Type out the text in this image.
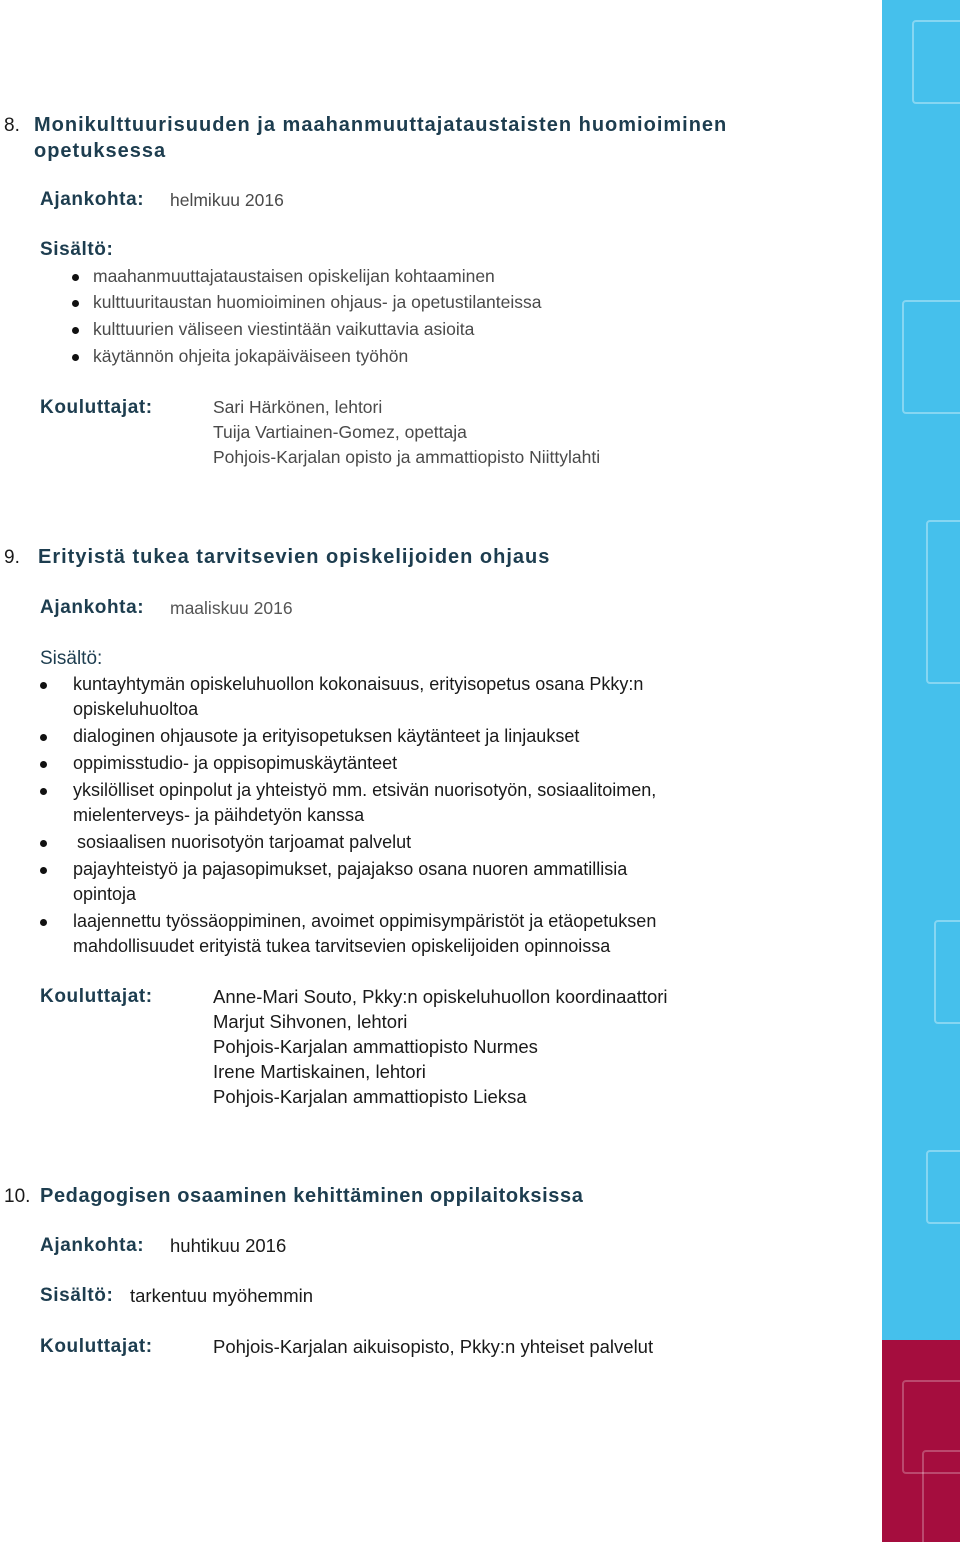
8. Monikulttuurisuuden ja maahanmuuttajataustaisten huomioiminen
opetuksessa
Ajankohta: helmikuu 2016
Sisältö:
maahanmuuttajataustaisen opiskelijan kohtaaminen
kulttuuritaustan huomioiminen ohjaus- ja opetustilanteissa
kulttuurien väliseen viestintään vaikuttavia asioita
käytännön ohjeita jokapäiväiseen työhön
Kouluttajat:	Sari Härkönen, lehtori
Tuija Vartiainen-Gomez, opettaja
Pohjois-Karjalan opisto ja ammattiopisto Niittylahti
9. Erityistä tukea tarvitsevien opiskelijoiden ohjaus
Ajankohta: maaliskuu 2016
Sisältö:
kuntayhtymän opiskeluhuollon kokonaisuus, erityisopetus osana Pkky:n
opiskeluhuoltoa
dialoginen ohjausote ja erityisopetuksen käytänteet ja linjaukset
oppimisstudio- ja oppisopimuskäytänteet
yksilölliset opinpolut ja yhteistyö mm. etsivän nuorisotyön, sosiaalitoimen,
mielenterveys- ja päihdetyön kanssa
sosiaalisen nuorisotyön tarjoamat palvelut
pajayhteistyö ja pajasopimukset, pajajakso osana nuoren ammatillisia
opintoja
laajennettu työssäoppiminen, avoimet oppimisympäristöt ja etäopetuksen
mahdollisuudet erityistä tukea tarvitsevien opiskelijoiden opinnoissa
Kouluttajat:	Anne-Mari Souto, Pkky:n opiskeluhuollon koordinaattori
Marjut Sihvonen, lehtori
Pohjois-Karjalan ammattiopisto Nurmes
Irene Martiskainen, lehtori
Pohjois-Karjalan ammattiopisto Lieksa
10. Pedagogisen osaaminen kehittäminen oppilaitoksissa
Ajankohta: huhtikuu 2016
Sisältö: tarkentuu myöhemmin
Kouluttajat:	Pohjois-Karjalan aikuisopisto, Pkky:n yhteiset palvelut
